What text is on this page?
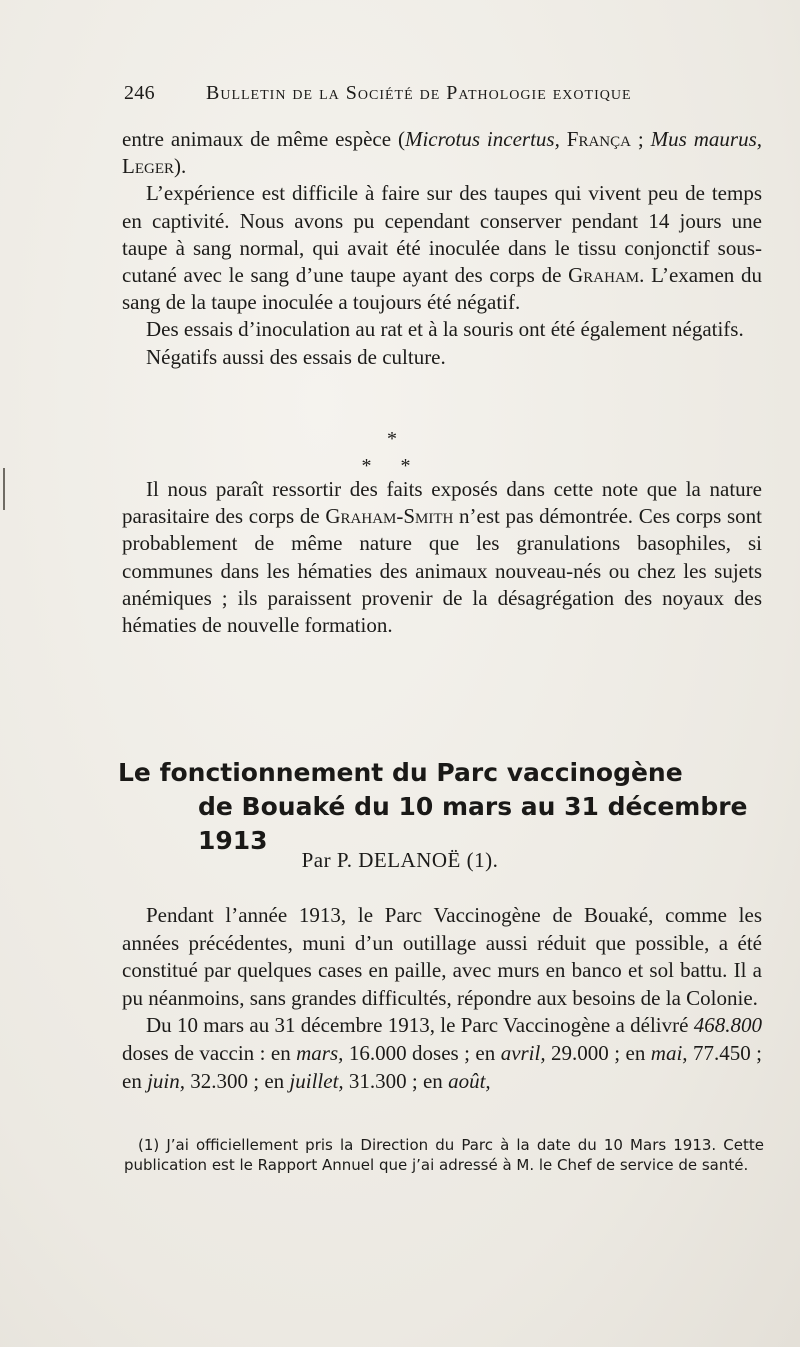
246	Bulletin de la Société de Pathologie exotique

entre animaux de même espèce (Microtus incertus, França ; Mus maurus, Leger).

L’expérience est difficile à faire sur des taupes qui vivent peu de temps en captivité. Nous avons pu cependant conserver pendant 14 jours une taupe à sang normal, qui avait été inoculée dans le tissu conjonctif sous-cutané avec le sang d’une taupe ayant des corps de Graham. L’examen du sang de la taupe inoculée a toujours été négatif.

Des essais d’inoculation au rat et à la souris ont été également négatifs.

Négatifs aussi des essais de culture.

*
* *

Il nous paraît ressortir des faits exposés dans cette note que la nature parasitaire des corps de Graham-Smith n’est pas démontrée. Ces corps sont probablement de même nature que les granulations basophiles, si communes dans les hématies des animaux nouveau-nés ou chez les sujets anémiques ; ils paraissent provenir de la désagrégation des noyaux des hématies de nouvelle formation.

Le fonctionnement du Parc vaccinogène
de Bouaké du 10 mars au 31 décembre 1913
Par P. DELANOË (1).

Pendant l’année 1913, le Parc Vaccinogène de Bouaké, comme les années précédentes, muni d’un outillage aussi réduit que possible, a été constitué par quelques cases en paille, avec murs en banco et sol battu. Il a pu néanmoins, sans grandes difficultés, répondre aux besoins de la Colonie.

Du 10 mars au 31 décembre 1913, le Parc Vaccinogène a délivré 468.800 doses de vaccin : en mars, 16.000 doses ; en avril, 29.000 ; en mai, 77.450 ; en juin, 32.300 ; en juillet, 31.300 ; en août,

(1) J’ai officiellement pris la Direction du Parc à la date du 10 Mars 1913. Cette publication est le Rapport Annuel que j’ai adressé à M. le Chef de service de santé.
